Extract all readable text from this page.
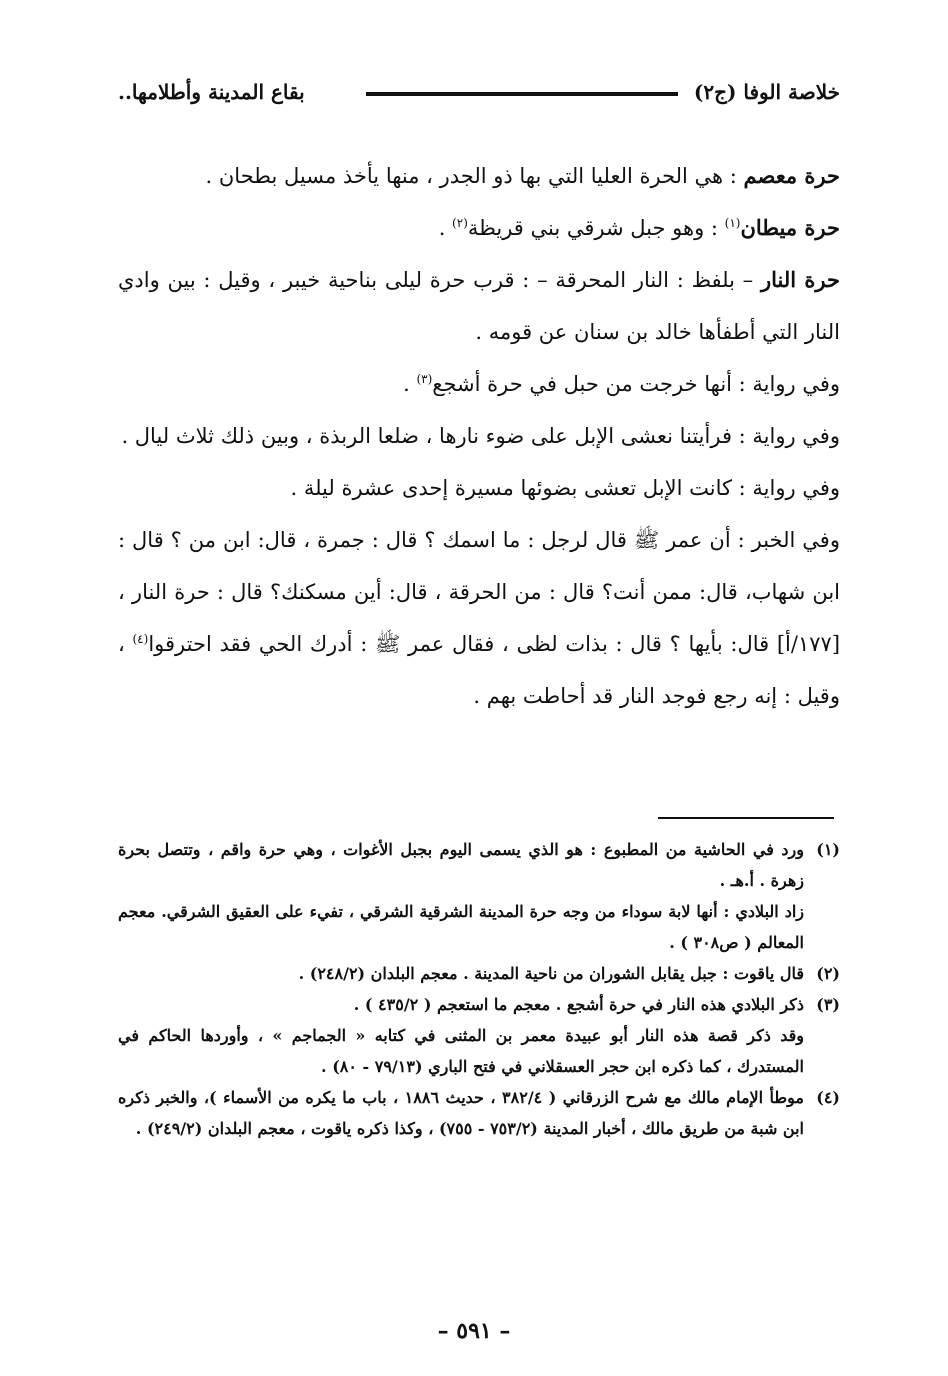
خلاصة الوفا (ج٢)
بقاع المدينة وأطلامها..

حرة معصم : هي الحرة العليا التي بها ذو الجدر ، منها يأخذ مسيل بطحان .

حرة ميطان$^{(١)}$ : وهو جبل شرقي بني قريظة$^{(٢)}$ .

حرة النار – بلفظ : النار المحرقة – : قرب حرة ليلى بناحية خيبر ، وقيل : بين وادي النار التي أطفأها خالد بن سنان عن قومه .

وفي رواية : أنها خرجت من حبل في حرة أشجع$^{(٣)}$ .

وفي رواية : فرأيتنا نعشى الإبل على ضوء نارها ، ضلعا الربذة ، وبين ذلك ثلاث ليال .

وفي رواية : كانت الإبل تعشى بضوئها مسيرة إحدى عشرة ليلة .

وفي الخبر : أن عمر ﷺ قال لرجل : ما اسمك ؟ قال : جمرة ، قال: ابن من ؟ قال : ابن شهاب، قال: ممن أنت؟ قال : من الحرقة ، قال: أين مسكنك؟ قال : حرة النار ، [١٧٧/أ] قال: بأيها ؟ قال : بذات لظى ، فقال عمر ﷺ : أدرك الحي فقد احترقوا$^{(٤)}$ ، وقيل : إنه رجع فوجد النار قد أحاطت بهم .

(١)
ورد في الحاشية من المطبوع : هو الذي يسمى اليوم بجبل الأغوات ، وهي حرة واقم ، وتتصل بحرة زهرة . أ.هـ .
زاد البلادي : أنها لابة سوداء من وجه حرة المدينة الشرقية الشرقي ، تفيء على العقيق الشرقي. معجم المعالم ( ص٣٠٨ ) .
(٢)
قال ياقوت : جبل يقابل الشوران من ناحية المدينة . معجم البلدان (٢٤٨/٢) .
(٣)
ذكر البلادي هذه النار في حرة أشجع . معجم ما استعجم ( ٤٣٥/٢ ) .
وقد ذكر قصة هذه النار أبو عبيدة معمر بن المثنى في كتابه « الجماجم » ، وأوردها الحاكم في المستدرك ، كما ذكره ابن حجر العسقلاني في فتح الباري (٧٩/١٣ - ٨٠) .
(٤)
موطأ الإمام مالك مع شرح الزرقاني ( ٣٨٢/٤ ، حديث ١٨٨٦ ، باب ما يكره من الأسماء )، والخبر ذكره ابن شبة من طريق مالك ، أخبار المدينة (٧٥٣/٢ - ٧٥٥) ، وكذا ذكره ياقوت ، معجم البلدان (٢٤٩/٢) .
– ٥٩١ –
